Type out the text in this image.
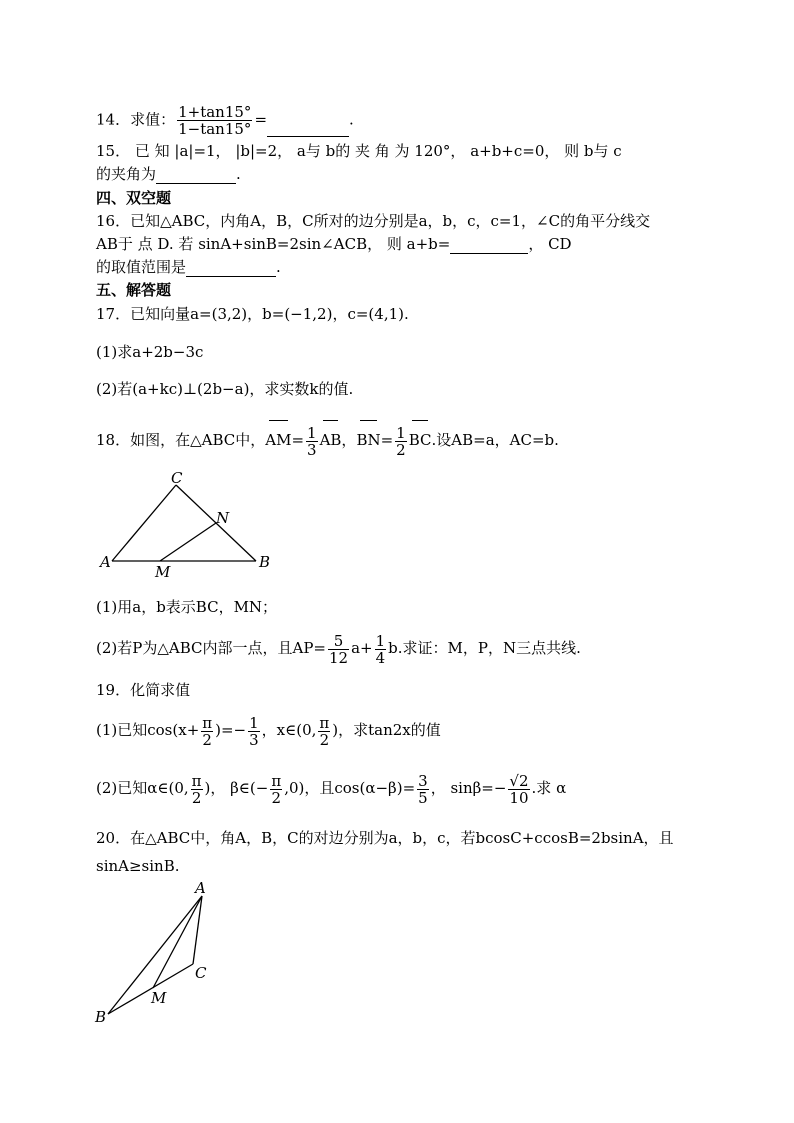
14．求值： $\frac{1+\tan 15^\circ}{1-\tan 15^\circ}$ =	.
15． 已 知 |a|=1， |b|=2， a与 b的 夹 角 为 120°， a+b+c=0， 则 b与 c
的夹角为	.
四、双空题
16．已知△ABC，内角A，B，C所对的边分别是a，b，c，c=1，∠C的角平分线交
AB于 点 D. 若 sinA+sinB=2sin∠ACB， 则 a+b=	， CD
的取值范围是	.
五、解答题
17．已知向量a=(3,2)，b=(−1,2)，c=(4,1).
(1)求a+2b−3c
(2)若(a+kc)⊥(2b−a)，求实数k的值.
18．如图，在△ABC中，$AM= \frac{1}{3}$ AB，$BN= \frac{1}{2}$ BC.设AB=a，AC=b.
C
N
A
M
B
(1)用a，b表示BC，MN；
(2)若P为△ABC内部一点，且$AP= \frac{5}{12} a+ \frac{1}{4} b$.求证：M，P，N三点共线.
19．化简求值
(1)已知$\cos(x+ \frac{\pi}{2}$ )=− $\frac{1}{3}$ ，x∈(0, $\frac{\pi}{2}$ )，求tan2x的值
(2)已知α∈(0, $\frac{\pi}{2}$ )， β∈(− $\frac{\pi}{2} ,0$)，且$\cos(\alpha-\beta)= \frac{3}{5}$ ， $\sin\beta=- \frac{√2}{10}$ .求 α
20．在△ABC中，角A，B，C的对边分别为a，b，c，若bcosC+ccosB=2bsinA，且
sinA≥sinB.
A
C
M
B
